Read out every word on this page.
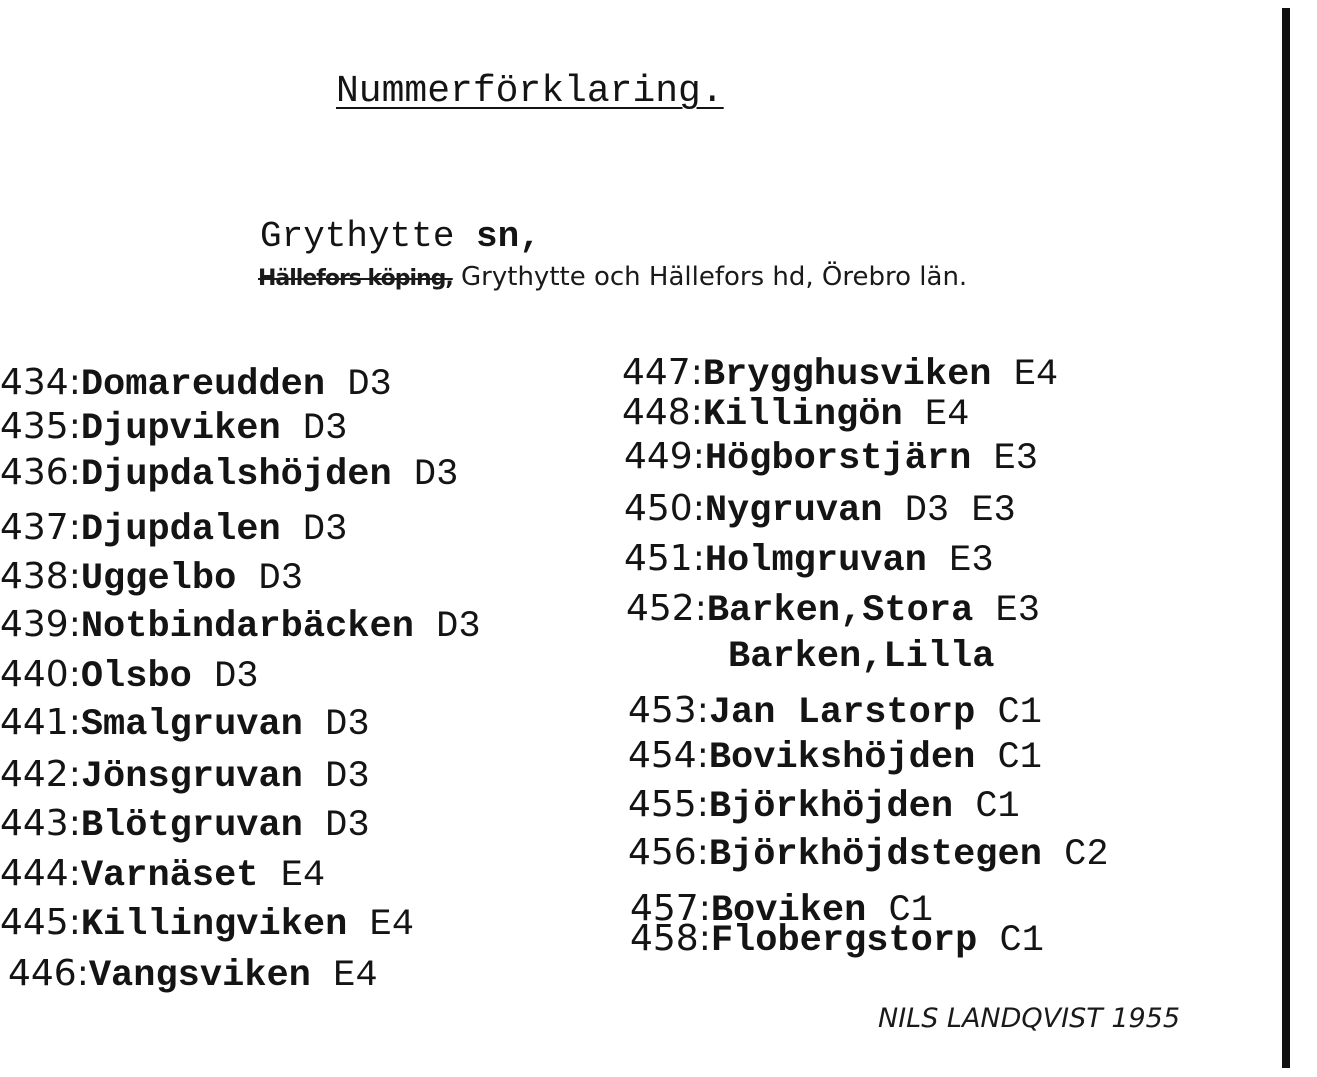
Nummerförklaring.
Grythytte sn,
Hällefors köping, Grythytte och Hällefors hd, Örebro län.
434:Domareudden D3
435:Djupviken D3
436:Djupdalshöjden D3
437:Djupdalen D3
438:Uggelbo D3
439:Notbindarbäcken D3
440:Olsbo D3
441:Smalgruvan D3
442:Jönsgruvan D3
443:Blötgruvan D3
444:Varnäset E4
445:Killingviken E4
446:Vangsviken E4
447:Brygghusviken E4
448:Killingön E4
449:Högborstjärn E3
450:Nygruvan D3 E3
451:Holmgruvan E3
452:Barken,Stora E3
Barken,Lilla
453:Jan Larstorp C1
454:Bovikshöjden C1
455:Björkhöjden C1
456:Björkhöjdstegen C2
457:Boviken C1
458:Flobergstorp C1
NILS LANDQVIST 1955
